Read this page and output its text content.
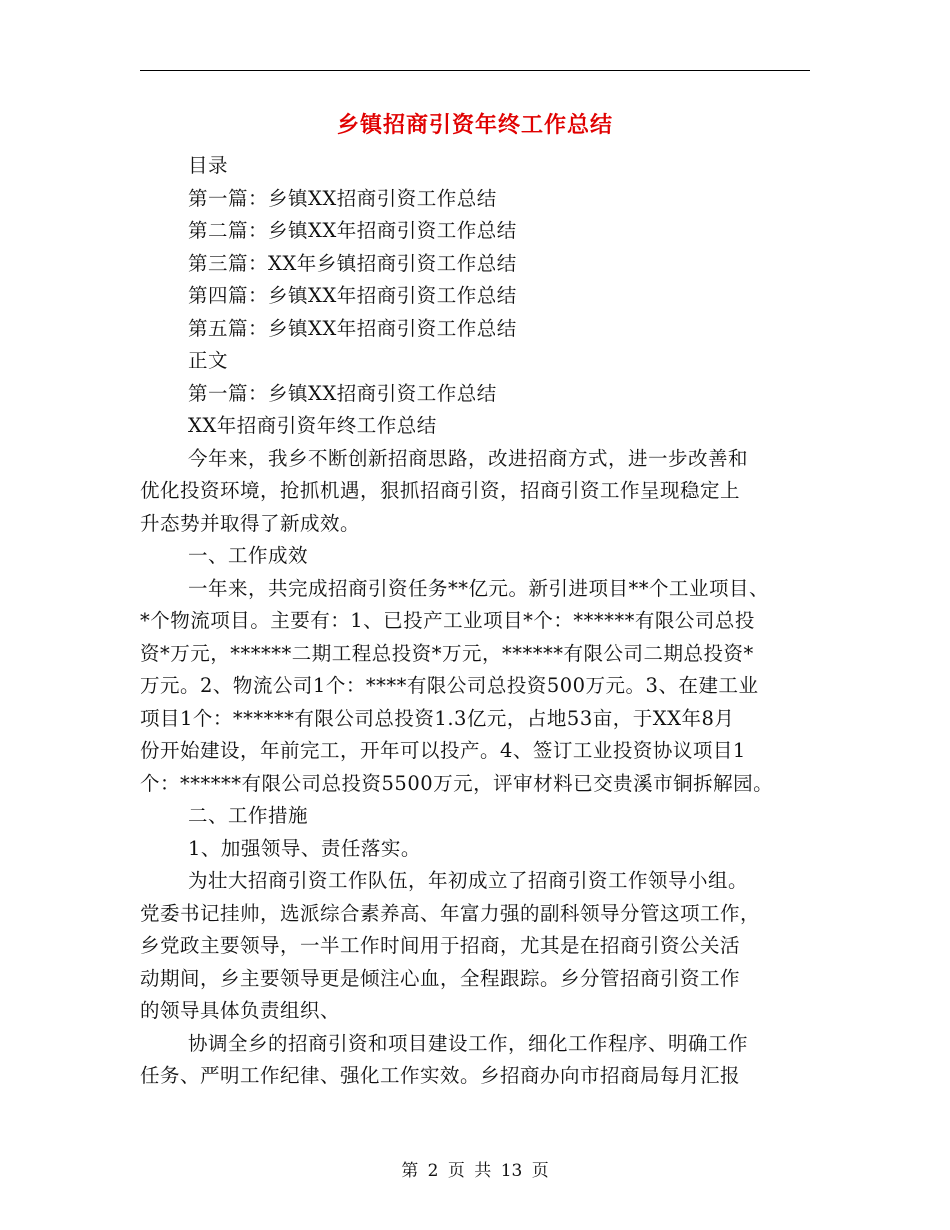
乡镇招商引资年终工作总结
目录
第一篇：乡镇XX招商引资工作总结
第二篇：乡镇XX年招商引资工作总结
第三篇：XX年乡镇招商引资工作总结
第四篇：乡镇XX年招商引资工作总结
第五篇：乡镇XX年招商引资工作总结
正文
第一篇：乡镇XX招商引资工作总结
XX年招商引资年终工作总结
今年来，我乡不断创新招商思路，改进招商方式，进一步改善和
优化投资环境，抢抓机遇，狠抓招商引资，招商引资工作呈现稳定上
升态势并取得了新成效。
一、工作成效
一年来，共完成招商引资任务**亿元。新引进项目**个工业项目、
*个物流项目。主要有：1、已投产工业项目*个：******有限公司总投
资*万元，******二期工程总投资*万元，******有限公司二期总投资*
万元。2、物流公司1个：****有限公司总投资500万元。3、在建工业
项目1个：******有限公司总投资1.3亿元，占地53亩，于XX年8月
份开始建设，年前完工，开年可以投产。4、签订工业投资协议项目1
个：******有限公司总投资5500万元，评审材料已交贵溪市铜拆解园。
二、工作措施
1、加强领导、责任落实。
为壮大招商引资工作队伍，年初成立了招商引资工作领导小组。
党委书记挂帅，选派综合素养高、年富力强的副科领导分管这项工作，
乡党政主要领导，一半工作时间用于招商，尤其是在招商引资公关活
动期间，乡主要领导更是倾注心血，全程跟踪。乡分管招商引资工作
的领导具体负责组织、
协调全乡的招商引资和项目建设工作，细化工作程序、明确工作
任务、严明工作纪律、强化工作实效。乡招商办向市招商局每月汇报
第 2 页 共 13 页
